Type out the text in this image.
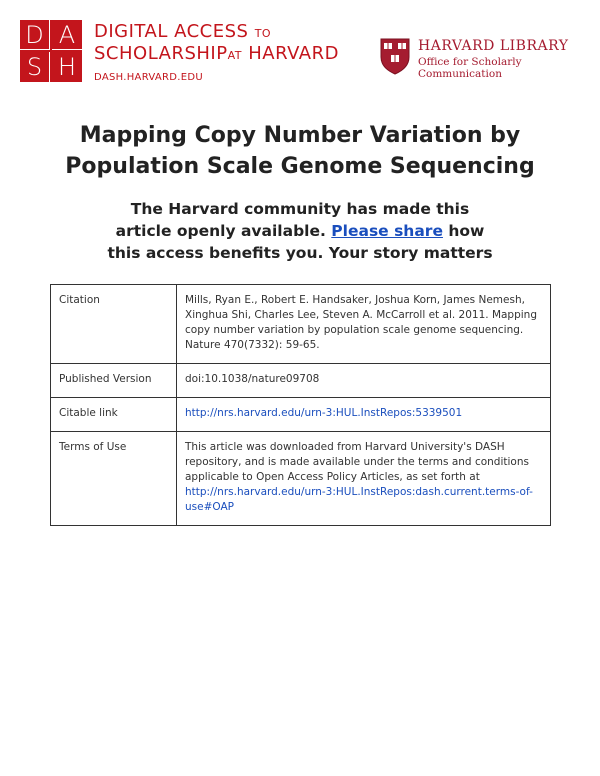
D A
S H
DIGITAL ACCESS TO
SCHOLARSHIPAT HARVARD
DASH.HARVARD.EDU
HARVARD LIBRARY
Office for Scholarly Communication
Mapping Copy Number Variation by
Population Scale Genome Sequencing
The Harvard community has made this
article openly available. Please share how
this access benefits you. Your story matters
Citation	Mills, Ryan E., Robert E. Handsaker, Joshua Korn, James Nemesh, Xinghua Shi, Charles Lee, Steven A. McCarroll et al. 2011. Mapping copy number variation by population scale genome sequencing. Nature 470(7332): 59-65.
Published Version	doi:10.1038/nature09708
Citable link	http://nrs.harvard.edu/urn-3:HUL.InstRepos:5339501
Terms of Use	This article was downloaded from Harvard University's DASH repository, and is made available under the terms and conditions applicable to Open Access Policy Articles, as set forth at http://nrs.harvard.edu/urn-3:HUL.InstRepos:dash.current.terms-of-use#OAP
